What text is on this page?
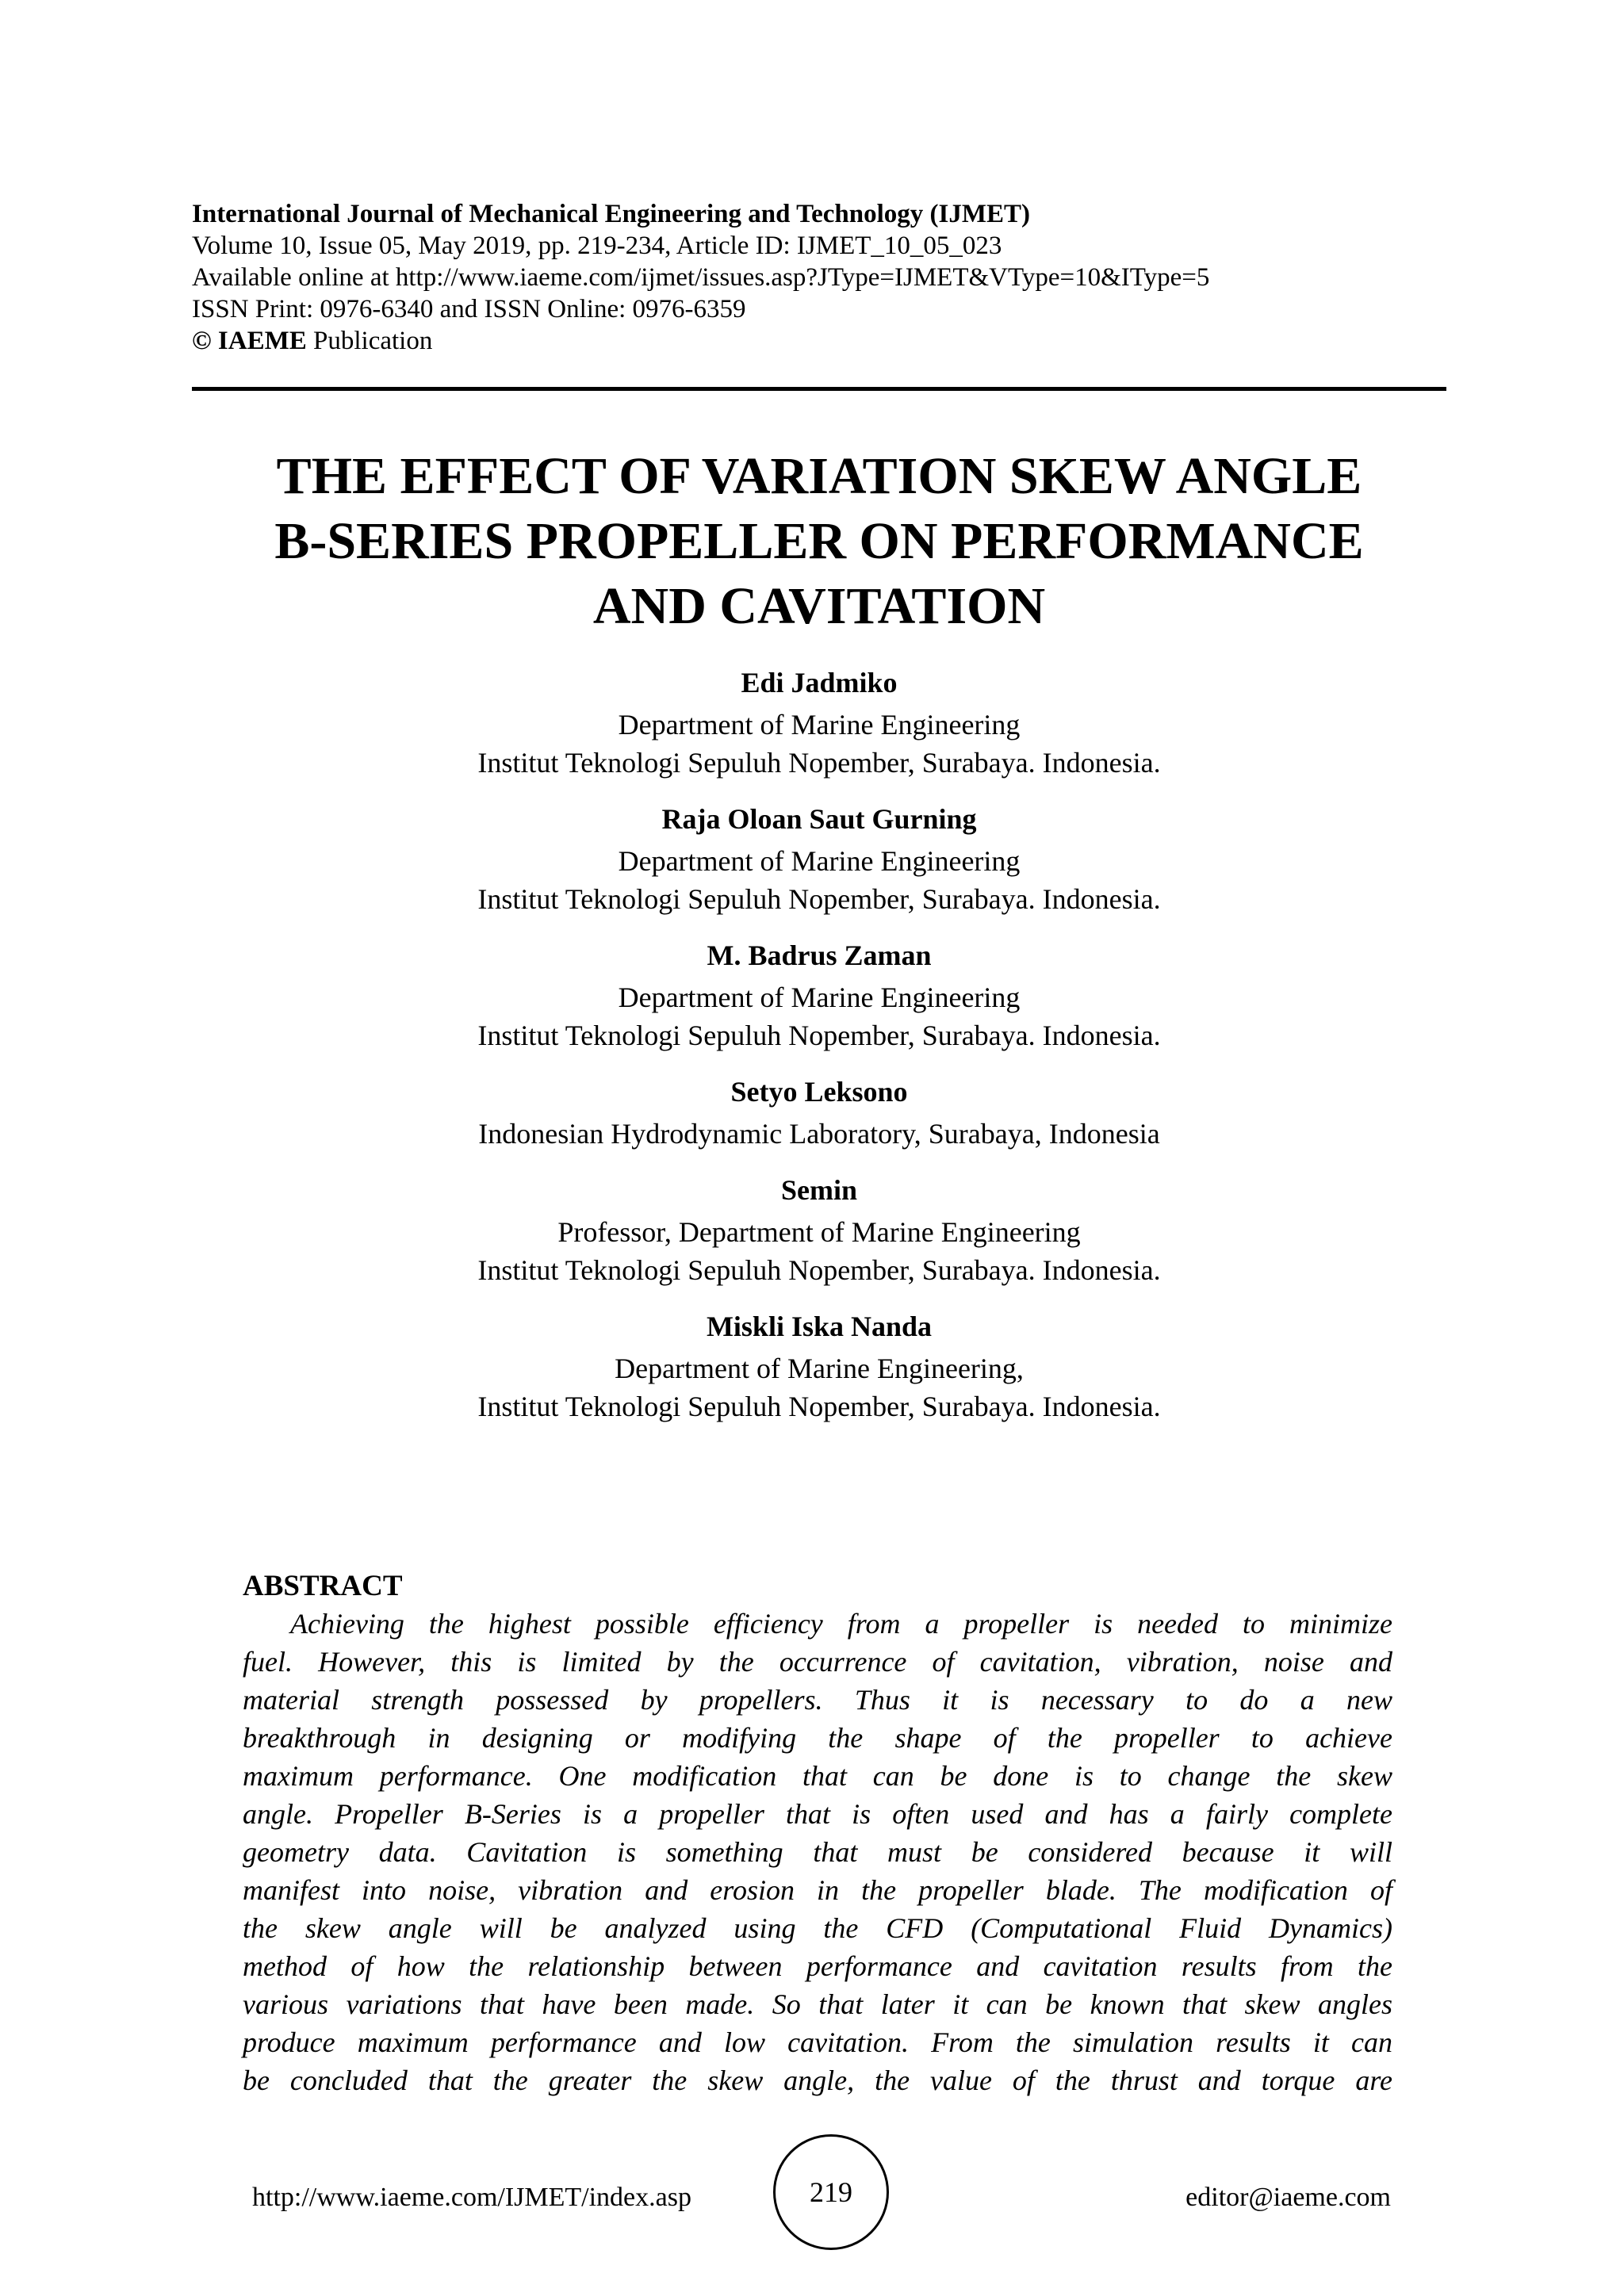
International Journal of Mechanical Engineering and Technology (IJMET)
Volume 10, Issue 05, May 2019, pp. 219-234, Article ID: IJMET_10_05_023
Available online at http://www.iaeme.com/ijmet/issues.asp?JType=IJMET&VType=10&IType=5
ISSN Print: 0976-6340 and ISSN Online: 0976-6359
© IAEME Publication
THE EFFECT OF VARIATION SKEW ANGLE
B-SERIES PROPELLER ON PERFORMANCE
AND CAVITATION
Edi Jadmiko
Department of Marine Engineering
Institut Teknologi Sepuluh Nopember, Surabaya. Indonesia.
Raja Oloan Saut Gurning
Department of Marine Engineering
Institut Teknologi Sepuluh Nopember, Surabaya. Indonesia.
M. Badrus Zaman
Department of Marine Engineering
Institut Teknologi Sepuluh Nopember, Surabaya. Indonesia.
Setyo Leksono
Indonesian Hydrodynamic Laboratory, Surabaya, Indonesia
Semin
Professor, Department of Marine Engineering
Institut Teknologi Sepuluh Nopember, Surabaya. Indonesia.
Miskli Iska Nanda
Department of Marine Engineering,
Institut Teknologi Sepuluh Nopember, Surabaya. Indonesia.
ABSTRACT
Achieving the highest possible efficiency from a propeller is needed to minimize
fuel. However, this is limited by the occurrence of cavitation, vibration, noise and
material strength possessed by propellers. Thus it is necessary to do a new
breakthrough in designing or modifying the shape of the propeller to achieve
maximum performance. One modification that can be done is to change the skew
angle. Propeller B-Series is a propeller that is often used and has a fairly complete
geometry data. Cavitation is something that must be considered because it will
manifest into noise, vibration and erosion in the propeller blade. The modification of
the skew angle will be analyzed using the CFD (Computational Fluid Dynamics)
method of how the relationship between performance and cavitation results from the
various variations that have been made. So that later it can be known that skew angles
produce maximum performance and low cavitation. From the simulation results it can
be concluded that the greater the skew angle, the value of the thrust and torque are
http://www.iaeme.com/IJMET/index.asp	219	editor@iaeme.com
